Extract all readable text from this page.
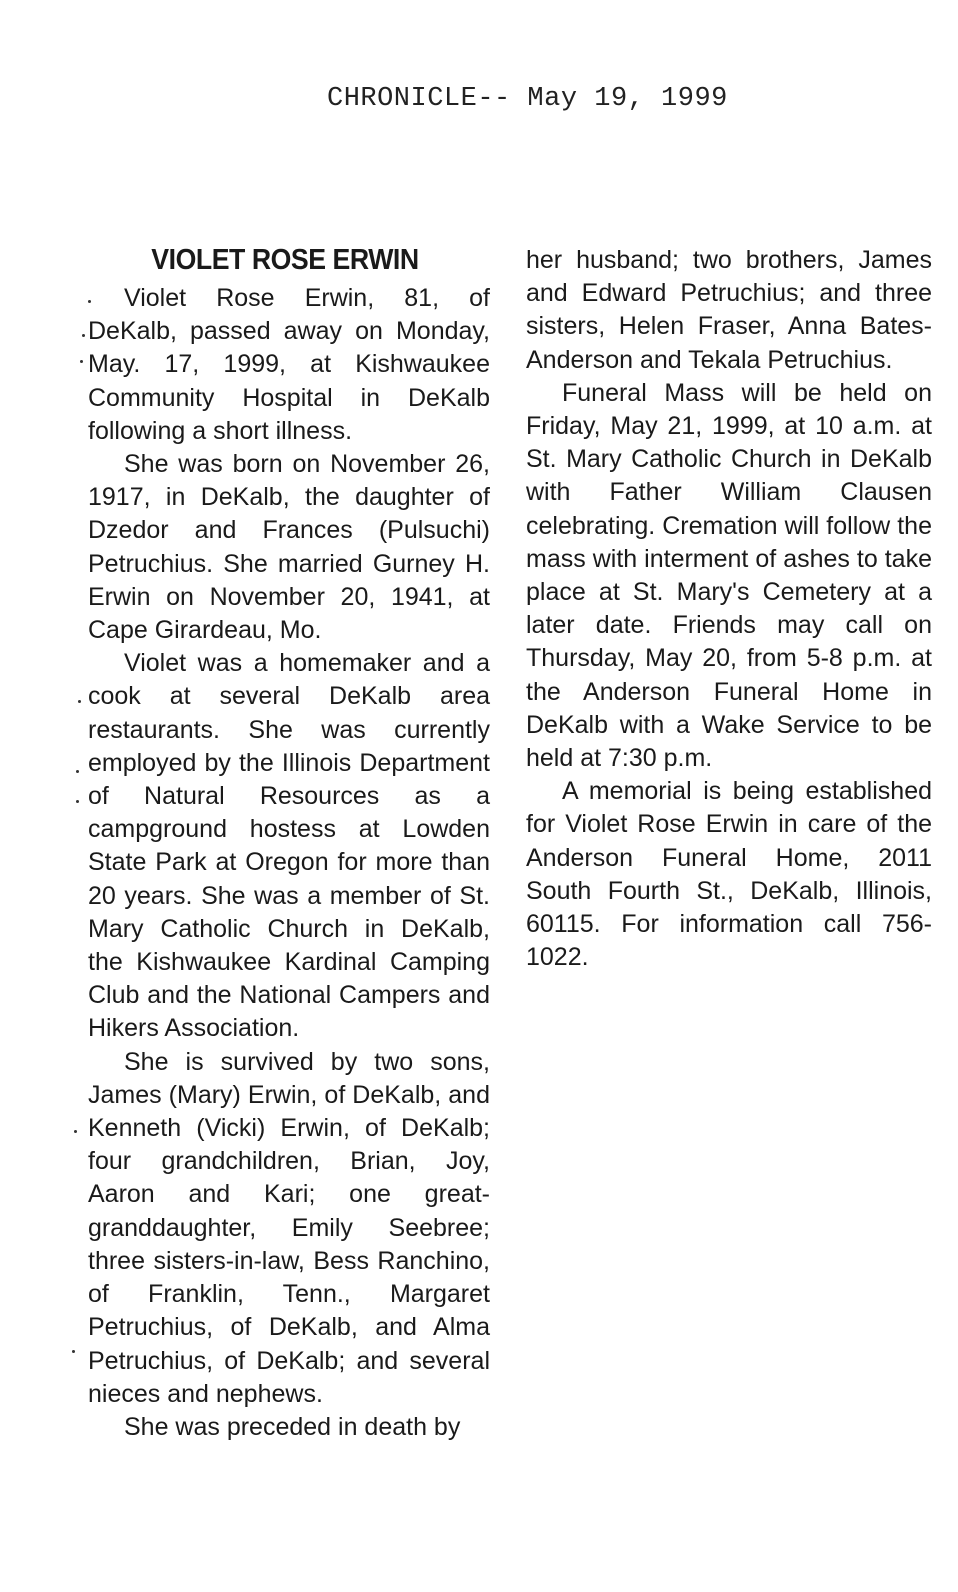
CHRONICLE-- May 19, 1999
VIOLET ROSE ERWIN

Violet Rose Erwin, 81, of DeKalb, passed away on Monday, May. 17, 1999, at Kishwaukee Community Hospital in DeKalb following a short illness.

She was born on November 26, 1917, in DeKalb, the daughter of Dzedor and Frances (Pulsuchi) Petruchius. She married Gurney H. Erwin on November 20, 1941, at Cape Girardeau, Mo.

Violet was a homemaker and a cook at several DeKalb area restaurants. She was currently employed by the Illinois Department of Natural Resources as a campground hostess at Lowden State Park at Oregon for more than 20 years. She was a member of St. Mary Catholic Church in DeKalb, the Kishwaukee Kardinal Camping Club and the National Campers and Hikers Association.

She is survived by two sons, James (Mary) Erwin, of DeKalb, and Kenneth (Vicki) Erwin, of DeKalb; four grandchildren, Brian, Joy, Aaron and Kari; one great-granddaughter, Emily Seebree; three sisters-in-law, Bess Ranchino, of Franklin, Tenn., Margaret Petruchius, of DeKalb, and Alma Petruchius, of DeKalb; and several nieces and nephews.

She was preceded in death by

her husband; two brothers, James and Edward Petruchius; and three sisters, Helen Fraser, Anna Bates-Anderson and Tekala Petruchius.

Funeral Mass will be held on Friday, May 21, 1999, at 10 a.m. at St. Mary Catholic Church in DeKalb with Father William Clausen celebrating. Cremation will follow the mass with interment of ashes to take place at St. Mary's Cemetery at a later date. Friends may call on Thursday, May 20, from 5-8 p.m. at the Anderson Funeral Home in DeKalb with a Wake Service to be held at 7:30 p.m.

A memorial is being established for Violet Rose Erwin in care of the Anderson Funeral Home, 2011 South Fourth St., DeKalb, Illinois, 60115. For information call 756-1022.
